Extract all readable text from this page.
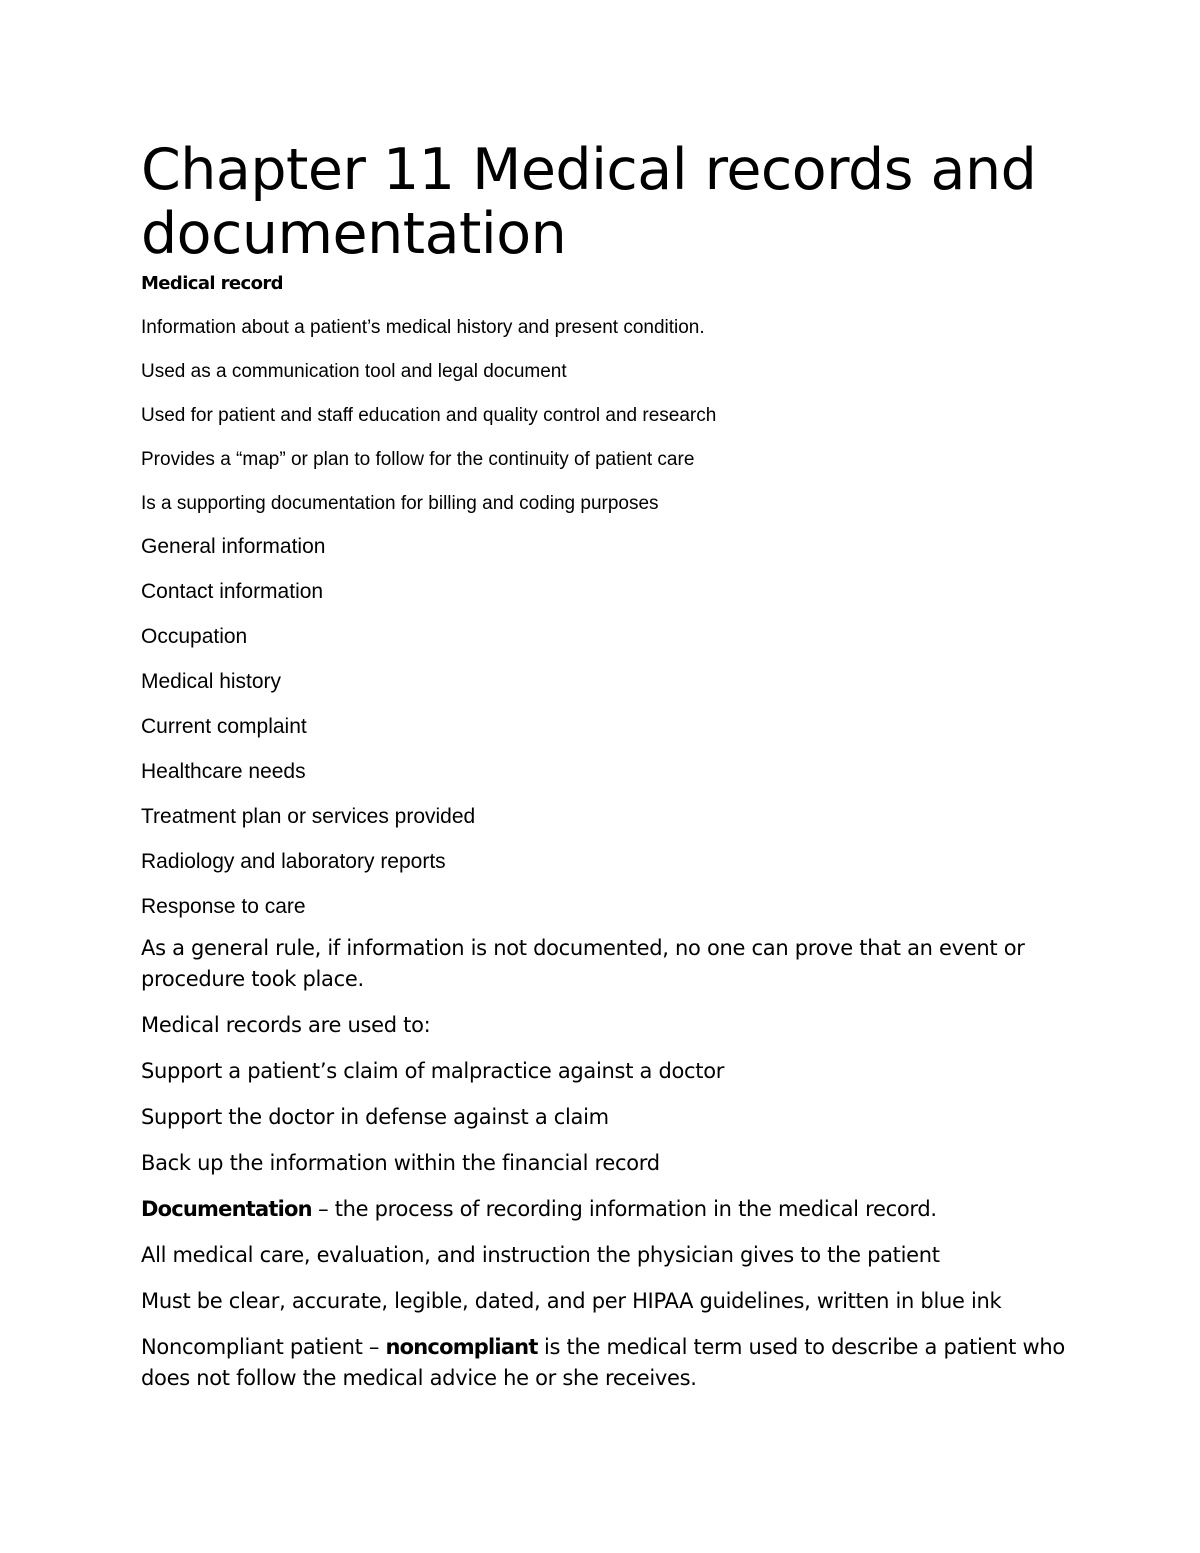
Chapter 11 Medical records and documentation
Medical record
Information about a patient’s medical history and present condition.
Used as a communication tool and legal document
Used for patient and staff education and quality control and research
Provides a “map” or plan to follow for the continuity of patient care
Is a supporting documentation for billing and coding purposes
General information
Contact information
Occupation
Medical history
Current complaint
Healthcare needs
Treatment plan or services provided
Radiology and laboratory reports
Response to care
As a general rule, if information is not documented, no one can prove that an event or procedure took place.
Medical records are used to:
Support a patient’s claim of malpractice against a doctor
Support the doctor in defense against a claim
Back up the information within the financial record
Documentation – the process of recording information in the medical record.
All medical care, evaluation, and instruction the physician gives to the patient
Must be clear, accurate, legible, dated, and per HIPAA guidelines, written in blue ink
Noncompliant patient – noncompliant is the medical term used to describe a patient who does not follow the medical advice he or she receives.
